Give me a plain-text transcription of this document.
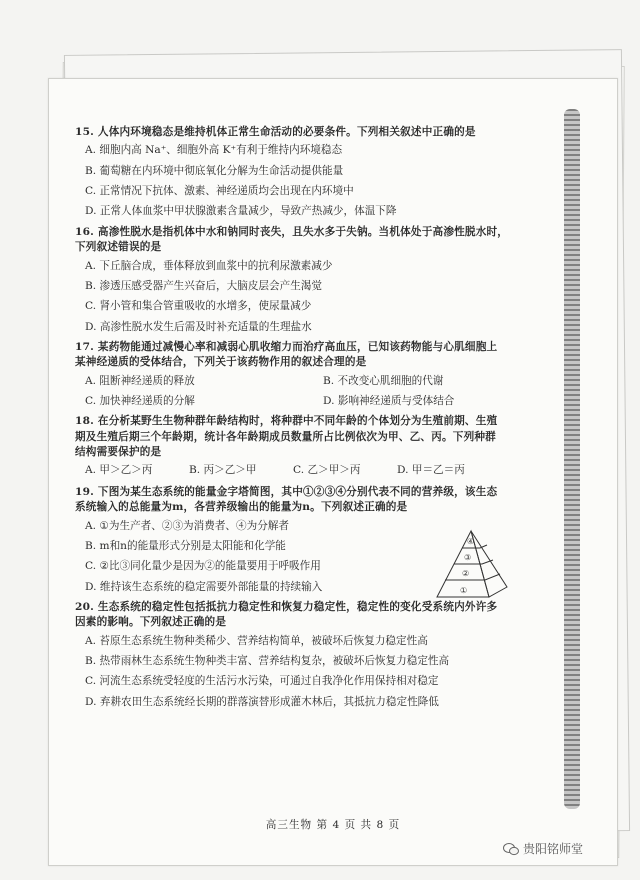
15. 人体内环境稳态是维持机体正常生命活动的必要条件。下列相关叙述中正确的是

A. 细胞内高 Na⁺、细胞外高 K⁺有利于维持内环境稳态

B. 葡萄糖在内环境中彻底氧化分解为生命活动提供能量

C. 正常情况下抗体、激素、神经递质均会出现在内环境中

D. 正常人体血浆中甲状腺激素含量减少，导致产热减少，体温下降

16. 高渗性脱水是指机体中水和钠同时丧失，且失水多于失钠。当机体处于高渗性脱水时，

下列叙述错误的是

A. 下丘脑合成，垂体释放到血浆中的抗利尿激素减少

B. 渗透压感受器产生兴奋后，大脑皮层会产生渴觉

C. 肾小管和集合管重吸收的水增多，使尿量减少

D. 高渗性脱水发生后需及时补充适量的生理盐水

17. 某药物能通过减慢心率和减弱心肌收缩力而治疗高血压，已知该药物能与心肌细胞上

某神经递质的受体结合，下列关于该药物作用的叙述合理的是

A. 阻断神经递质的释放	B. 不改变心肌细胞的代谢

C. 加快神经递质的分解	D. 影响神经递质与受体结合

18. 在分析某野生生物种群年龄结构时，将种群中不同年龄的个体划分为生殖前期、生殖

期及生殖后期三个年龄期，统计各年龄期成员数量所占比例依次为甲、乙、丙。下列种群

结构需要保护的是

A. 甲＞乙＞丙	B. 丙＞乙＞甲	C. 乙＞甲＞丙	D. 甲＝乙＝丙

19. 下图为某生态系统的能量金字塔简图，其中①②③④分别代表不同的营养级，该生态

系统输入的总能量为m，各营养级输出的能量为n。下列叙述正确的是

A. ①为生产者、②③为消费者、④为分解者

B. m和n的能量形式分别是太阳能和化学能

C. ②比③同化量少是因为②的能量要用于呼吸作用

D. 维持该生态系统的稳定需要外部能量的持续输入

④
③
②
①

20. 生态系统的稳定性包括抵抗力稳定性和恢复力稳定性，稳定性的变化受系统内外许多

因素的影响。下列叙述正确的是

A. 苔原生态系统生物种类稀少、营养结构简单，被破坏后恢复力稳定性高

B. 热带雨林生态系统生物种类丰富、营养结构复杂，被破坏后恢复力稳定性高

C. 河流生态系统受轻度的生活污水污染，可通过自我净化作用保持相对稳定

D. 弃耕农田生态系统经长期的群落演替形成灌木林后，其抵抗力稳定性降低

高三生物 第 4 页 共 8 页
贵阳铭师堂
